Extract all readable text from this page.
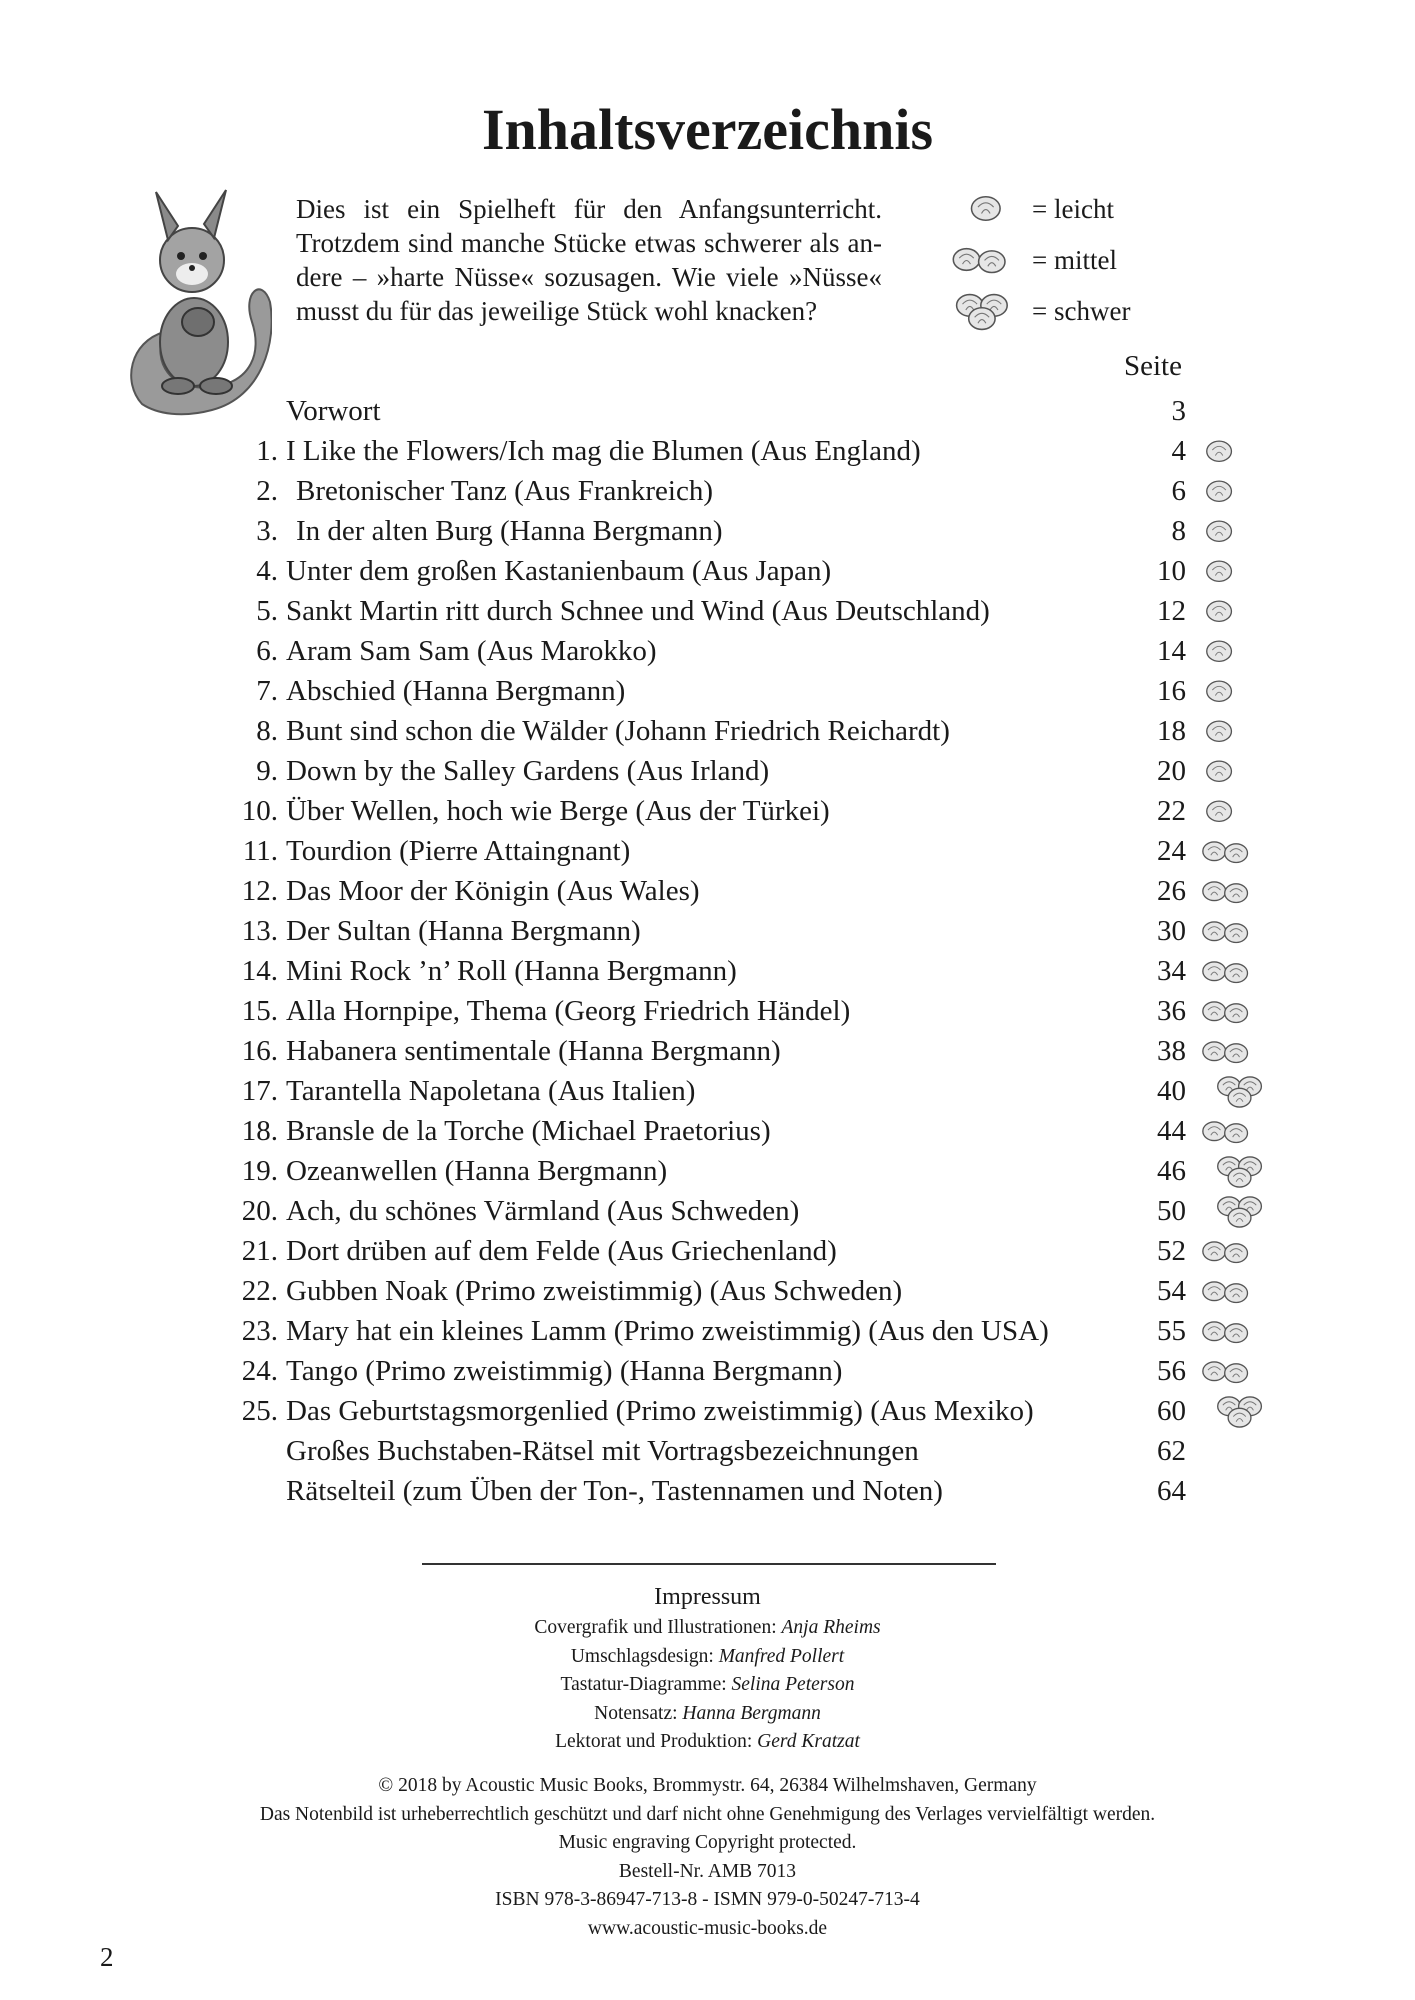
Inhaltsverzeichnis

Dies ist ein Spielheft für den Anfangsunterricht. Trotzdem sind manche Stücke etwas schwerer als andere – »harte Nüsse« sozusagen. Wie viele »Nüsse« musst du für das jeweilige Stück wohl knacken?

= leicht
= mittel
= schwer
Seite
Vorwort	3
1. I Like the Flowers/Ich mag die Blumen (Aus England)	4
2. Bretonischer Tanz (Aus Frankreich)	6
3. In der alten Burg (Hanna Bergmann)	8
4. Unter dem großen Kastanienbaum (Aus Japan)	10
5. Sankt Martin ritt durch Schnee und Wind (Aus Deutschland)	12
6. Aram Sam Sam (Aus Marokko)	14
7. Abschied (Hanna Bergmann)	16
8. Bunt sind schon die Wälder (Johann Friedrich Reichardt)	18
9. Down by the Salley Gardens (Aus Irland)	20
10. Über Wellen, hoch wie Berge (Aus der Türkei)	22
11. Tourdion (Pierre Attaingnant)	24
12. Das Moor der Königin (Aus Wales)	26
13. Der Sultan (Hanna Bergmann)	30
14. Mini Rock ’n’ Roll (Hanna Bergmann)	34
15. Alla Hornpipe, Thema (Georg Friedrich Händel)	36
16. Habanera sentimentale (Hanna Bergmann)	38
17. Tarantella Napoletana (Aus Italien)	40
18. Bransle de la Torche (Michael Praetorius)	44
19. Ozeanwellen (Hanna Bergmann)	46
20. Ach, du schönes Värmland (Aus Schweden)	50
21. Dort drüben auf dem Felde (Aus Griechenland)	52
22. Gubben Noak (Primo zweistimmig) (Aus Schweden)	54
23. Mary hat ein kleines Lamm (Primo zweistimmig) (Aus den USA)	55
24. Tango (Primo zweistimmig) (Hanna Bergmann)	56
25. Das Geburtstagsmorgenlied (Primo zweistimmig) (Aus Mexiko)	60
Großes Buchstaben-Rätsel mit Vortragsbezeichnungen	62
Rätselteil (zum Üben der Ton-, Tastennamen und Noten)	64
Impressum
Covergrafik und Illustrationen: Anja Rheims
Umschlagsdesign: Manfred Pollert
Tastatur-Diagramme: Selina Peterson
Notensatz: Hanna Bergmann
Lektorat und Produktion: Gerd Kratzat
© 2018 by Acoustic Music Books, Brommystr. 64, 26384 Wilhelmshaven, Germany
Das Notenbild ist urheberrechtlich geschützt und darf nicht ohne Genehmigung des Verlages vervielfältigt werden.
Music engraving Copyright protected.
Bestell-Nr. AMB 7013
ISBN 978-3-86947-713-8 - ISMN 979-0-50247-713-4
www.acoustic-music-books.de
2
